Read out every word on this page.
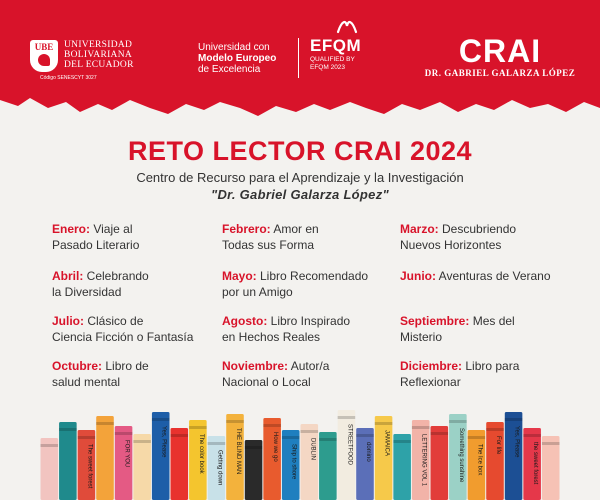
UBE UNIVERSIDAD
BOLIVARIANA
DEL ECUADOR
Código SENESCYT 3027
Universidad con
Modelo Europeo
de Excelencia
EFQM
QUALIFIED BY
EFQM 2023	CRAI
DR. GABRIEL GALARZA LÓPEZ
RETO LECTOR CRAI 2024
Centro de Recurso para el Aprendizaje y la Investigación
"Dr. Gabriel Galarza López"
Enero: Viaje al
Pasado Literario
Febrero: Amor en
Todas sus Forma
Marzo: Descubriendo
Nuevos Horizontes
Abril: Celebrando
la Diversidad
Mayo: Libro Recomendado
por un Amigo
Junio: Aventuras de Verano

Julio: Clásico de
Ciencia Ficción o Fantasía
Agosto: Libro Inspirado
en Hechos Reales
Septiembre: Mes del
Misterio
Octubre: Libro de
salud mental
Noviembre: Autor/a
Nacional o Local
Diciembre: Libro para
Reflexionar
The sweet forest	FOR YOU	Yes, Please	The color book Getting down THE BLIND MAN	How we go Ship to shore DUBLIN	STREETFOOD domino JAMAICA	LETTERING VOL 1	Something sunshine The Ice box For life Yes, Please
the sweet forest
